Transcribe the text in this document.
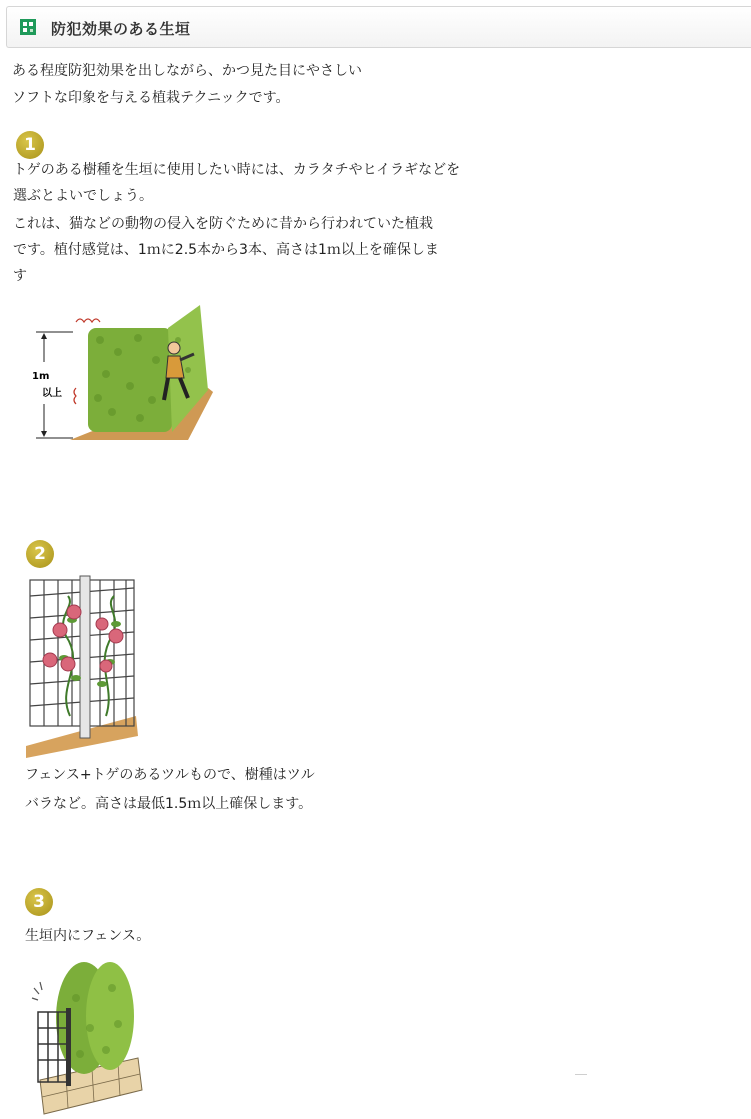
防犯効果のある生垣
ある程度防犯効果を出しながら、かつ見た目にやさしい
ソフトな印象を与える植栽テクニックです。
1
トゲのある樹種を生垣に使用したい時には、カラタチやヒイラギなどを
選ぶとよいでしょう。
これは、猫などの動物の侵入を防ぐために昔から行われていた植栽
です。植付感覚は、1ｍに2.5本から3本、高さは1ｍ以上を確保しま
す
1m
以上
2
フェンス+トゲのあるツルもので、樹種はツル
バラなど。高さは最低1.5ｍ以上確保します。
3
生垣内にフェンス。
